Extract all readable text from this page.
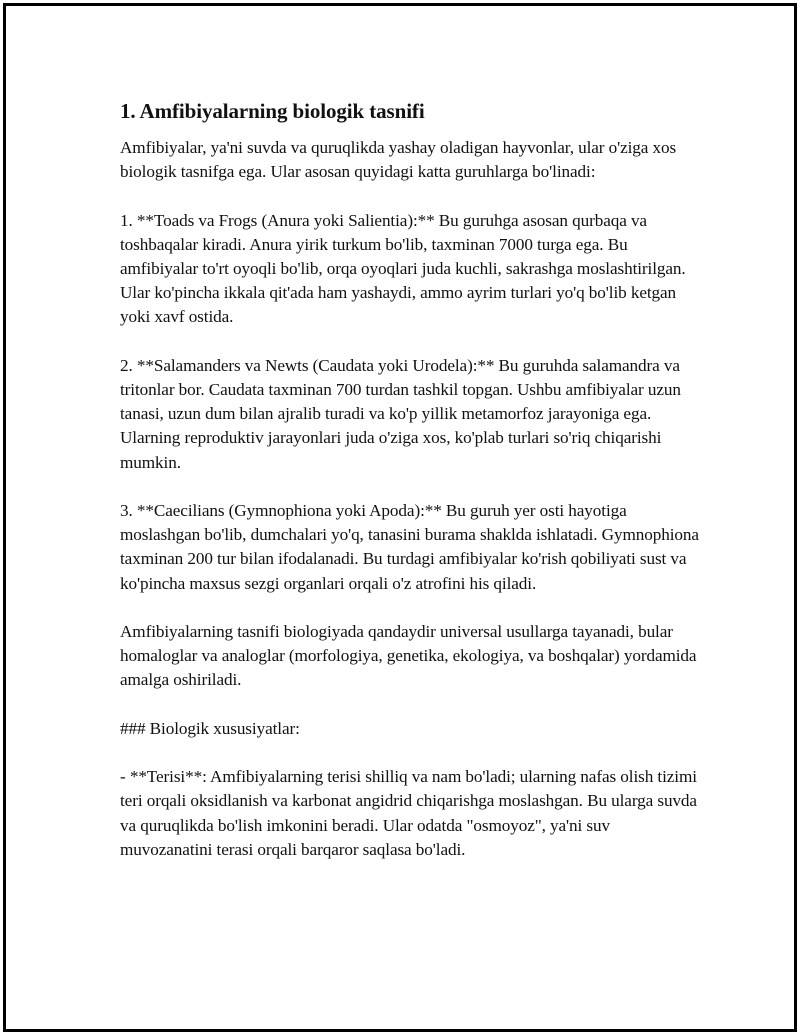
1. Amfibiyalarning biologik tasnifi

Amfibiyalar, ya'ni suvda va quruqlikda yashay oladigan hayvonlar, ular o'ziga xos biologik tasnifga ega. Ular asosan quyidagi katta guruhlarga bo'linadi:

1. **Toads va Frogs (Anura yoki Salientia):** Bu guruhga asosan qurbaqa va toshbaqalar kiradi. Anura yirik turkum bo'lib, taxminan 7000 turga ega. Bu amfibiyalar to'rt oyoqli bo'lib, orqa oyoqlari juda kuchli, sakrashga moslashtirilgan. Ular ko'pincha ikkala qit'ada ham yashaydi, ammo ayrim turlari yo'q bo'lib ketgan yoki xavf ostida.

2. **Salamanders va Newts (Caudata yoki Urodela):** Bu guruhda salamandra va tritonlar bor. Caudata taxminan 700 turdan tashkil topgan. Ushbu amfibiyalar uzun tanasi, uzun dum bilan ajralib turadi va ko'p yillik metamorfoz jarayoniga ega. Ularning reproduktiv jarayonlari juda o'ziga xos, ko'plab turlari so'riq chiqarishi mumkin.

3. **Caecilians (Gymnophiona yoki Apoda):** Bu guruh yer osti hayotiga moslashgan bo'lib, dumchalari yo'q, tanasini burama shaklda ishlatadi. Gymnophiona taxminan 200 tur bilan ifodalanadi. Bu turdagi amfibiyalar ko'rish qobiliyati sust va ko'pincha maxsus sezgi organlari orqali o'z atrofini his qiladi.

Amfibiyalarning tasnifi biologiyada qandaydir universal usullarga tayanadi, bular homaloglar va analoglar (morfologiya, genetika, ekologiya, va boshqalar) yordamida amalga oshiriladi.

### Biologik xususiyatlar:

- **Terisi**: Amfibiyalarning terisi shilliq va nam bo'ladi; ularning nafas olish tizimi teri orqali oksidlanish va karbonat angidrid chiqarishga moslashgan. Bu ularga suvda va quruqlikda bo'lish imkonini beradi. Ular odatda "osmoyoz", ya'ni suv muvozanatini terasi orqali barqaror saqlasa bo'ladi.
